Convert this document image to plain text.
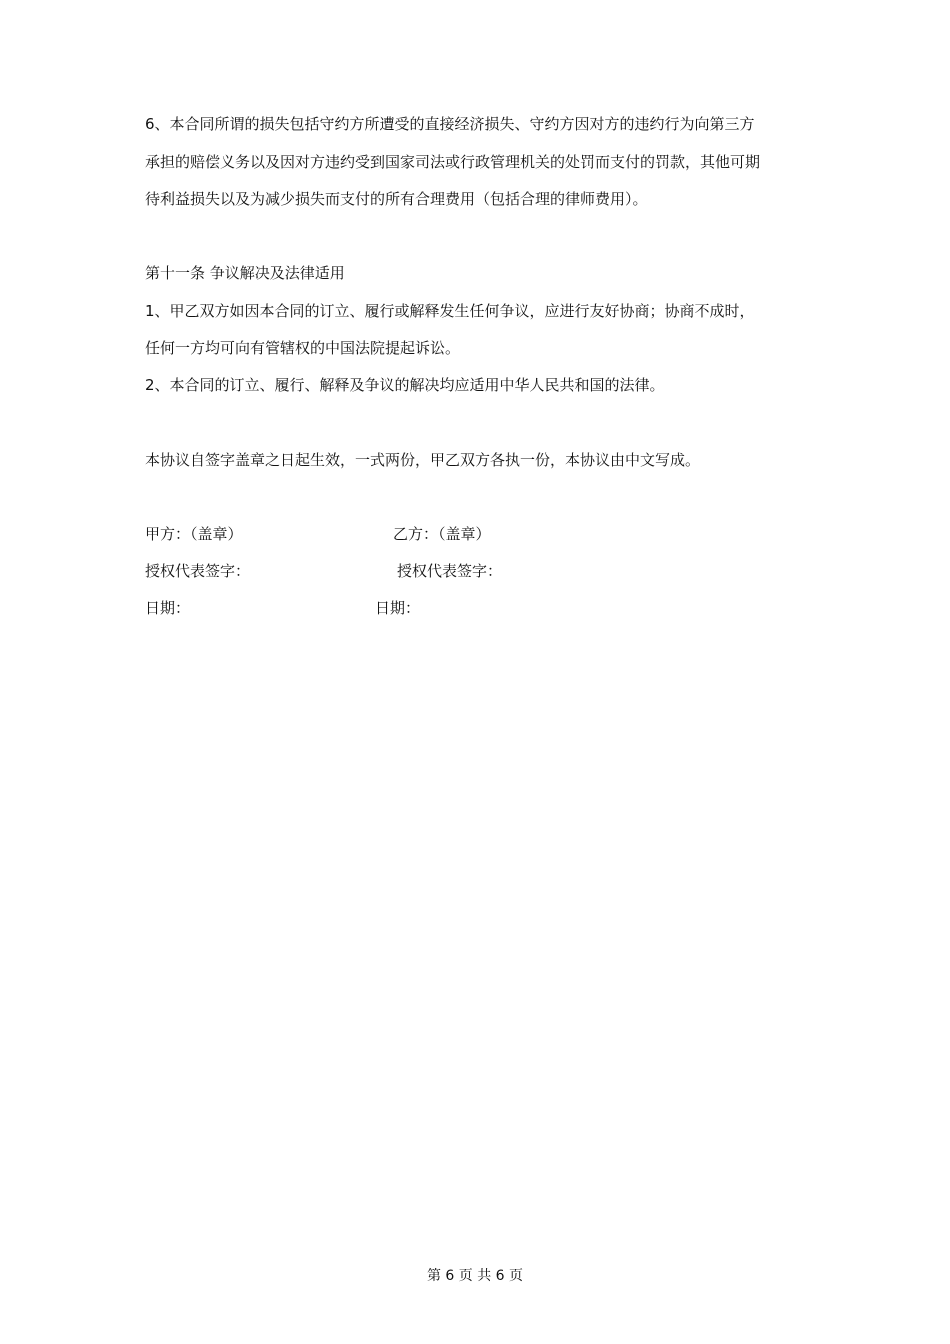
6、本合同所谓的损失包括守约方所遭受的直接经济损失、守约方因对方的违约行为向第三方
承担的赔偿义务以及因对方违约受到国家司法或行政管理机关的处罚而支付的罚款，其他可期
待利益损失以及为减少损失而支付的所有合理费用（包括合理的律师费用）。
第十一条 争议解决及法律适用
1、甲乙双方如因本合同的订立、履行或解释发生任何争议，应进行友好协商；协商不成时，
任何一方均可向有管辖权的中国法院提起诉讼。
2、本合同的订立、履行、解释及争议的解决均应适用中华人民共和国的法律。
本协议自签字盖章之日起生效，一式两份，甲乙双方各执一份，本协议由中文写成。
甲方：（盖章）	乙方：（盖章）
授权代表签字：	授权代表签字：
日期：	日期：
第 6 页 共 6 页
